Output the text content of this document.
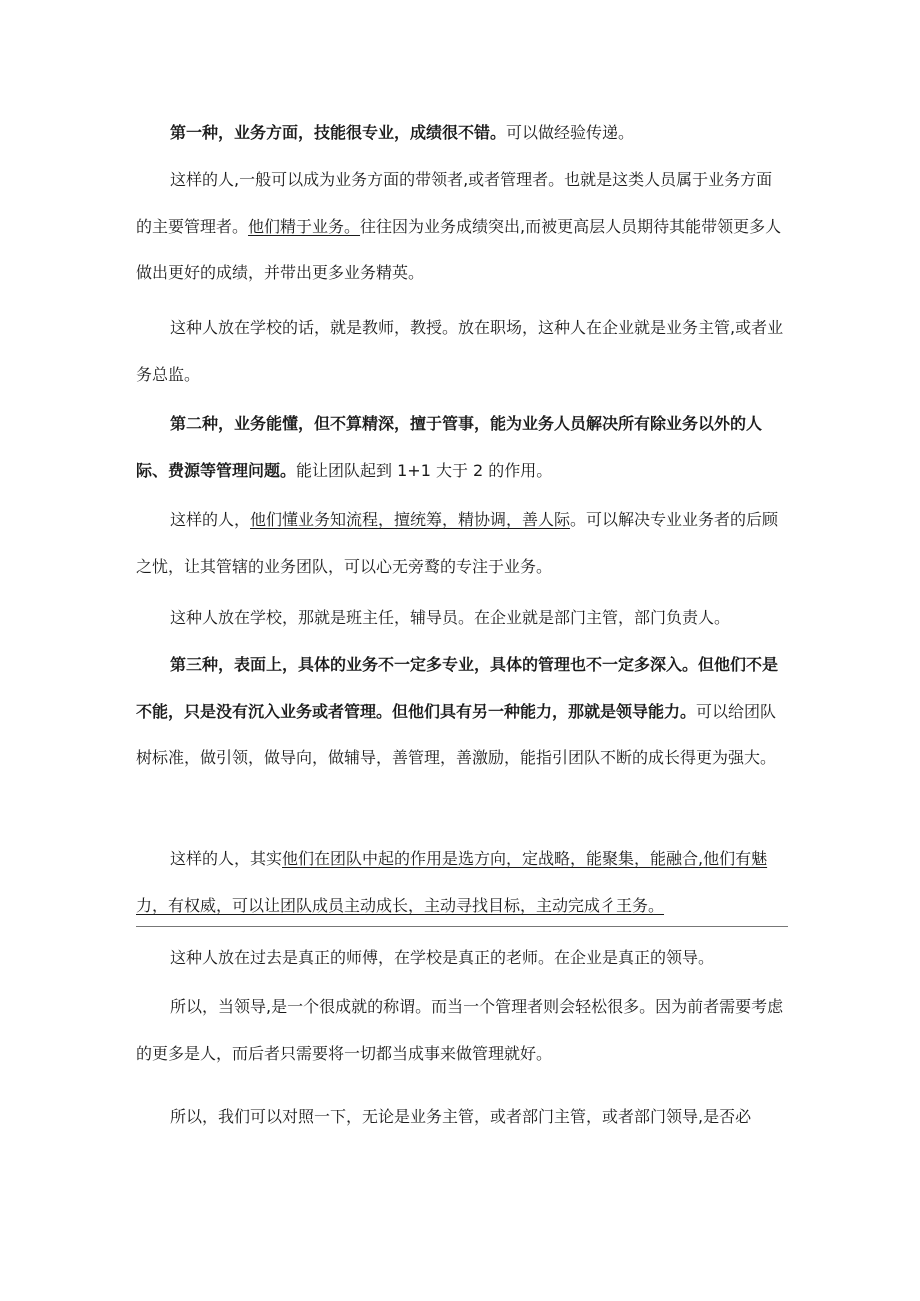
第一种，业务方面，技能很专业，成绩很不错。可以做经验传递。

这样的人,一般可以成为业务方面的带领者,或者管理者。也就是这类人员属于业务方面的主要管理者。他们精于业务。往往因为业务成绩突出,而被更高层人员期待其能带领更多人做出更好的成绩，并带出更多业务精英。

这种人放在学校的话，就是教师，教授。放在职场，这种人在企业就是业务主管,或者业务总监。

第二种，业务能懂，但不算精深，擅于管事，能为业务人员解决所有除业务以外的人际、费源等管理问题。能让团队起到 1+1 大于 2 的作用。

这样的人，他们懂业务知流程，擅统筹，精协调，善人际。可以解决专业业务者的后顾之忧，让其管辖的业务团队，可以心无旁鹜的专注于业务。

这种人放在学校，那就是班主任，辅导员。在企业就是部门主管，部门负责人。

第三种，表面上，具体的业务不一定多专业，具体的管理也不一定多深入。但他们不是不能，只是没有沉入业务或者管理。但他们具有另一种能力，那就是领导能力。可以给团队树标准，做引领，做导向，做辅导，善管理，善激励，能指引团队不断的成长得更为强大。

这样的人，其实他们在团队中起的作用是选方向，定战略，能聚集，能融合,他们有魅力，有权威，可以让团队成员主动成长，主动寻找目标，主动完成彳王务。

这种人放在过去是真正的师傅，在学校是真正的老师。在企业是真正的领导。

所以，当领导,是一个很成就的称谓。而当一个管理者则会轻松很多。因为前者需要考虑的更多是人，而后者只需要将一切都当成事来做管理就好。

所以，我们可以对照一下，无论是业务主管，或者部门主管，或者部门领导,是否必
